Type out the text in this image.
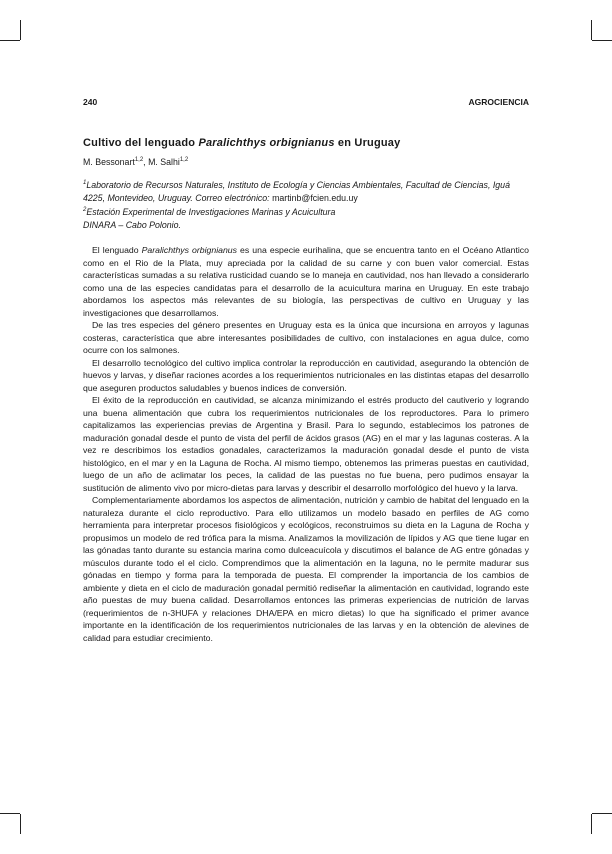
240	AGROCIENCIA
Cultivo del lenguado Paralichthys orbignianus en Uruguay
M. Bessonart$^{1,2}$, M. Salhi$^{1,2}$
$^1$Laboratorio de Recursos Naturales, Instituto de Ecología y Ciencias Ambientales, Facultad de Ciencias, Iguá 4225, Montevideo, Uruguay. Correo electrónico: martinb@fcien.edu.uy
$^2$Estación Experimental de Investigaciones Marinas y Acuicultura
DINARA – Cabo Polonio.

El lenguado Paralichthys orbignianus es una especie eurihalina, que se encuentra tanto en el Océano Atlantico como en el Rio de la Plata, muy apreciada por la calidad de su carne y con buen valor comercial. Estas características sumadas a su relativa rusticidad cuando se lo maneja en cautividad, nos han llevado a considerarlo como una de las especies candidatas para el desarrollo de la acuicultura marina en Uruguay. En este trabajo abordamos los aspectos más relevantes de su biología, las perspectivas de cultivo en Uruguay y las investigaciones que desarrollamos.

De las tres especies del género presentes en Uruguay esta es la única que incursiona en arroyos y lagunas costeras, característica que abre interesantes posibilidades de cultivo, con instalaciones en agua dulce, como ocurre con los salmones.

El desarrollo tecnológico del cultivo implica controlar la reproducción en cautividad, asegurando la obtención de huevos y larvas, y diseñar raciones acordes a los requerimientos nutricionales en las distintas etapas del desarrollo que aseguren productos saludables y buenos indices de conversión.

El éxito de la reproducción en cautividad, se alcanza minimizando el estrés producto del cautiverio y logrando una buena alimentación que cubra los requerimientos nutricionales de los reproductores. Para lo primero capitalizamos las experiencias previas de Argentina y Brasil. Para lo segundo, establecimos los patrones de maduración gonadal desde el punto de vista del perfil de ácidos grasos (AG) en el mar y las lagunas costeras. A la vez re describimos los estadios gonadales, caracterizamos la maduración gonadal desde el punto de vista histológico, en el mar y en la Laguna de Rocha. Al mismo tiempo, obtenemos las primeras puestas en cautividad, luego de un año de aclimatar los peces, la calidad de las puestas no fue buena, pero pudimos ensayar la sustitución de alimento vivo por micro-dietas para larvas y describir el desarrollo morfológico del huevo y la larva.

Complementariamente abordamos los aspectos de alimentación, nutrición y cambio de habitat del lenguado en la naturaleza durante el ciclo reproductivo. Para ello utilizamos un modelo basado en perfiles de AG como herramienta para interpretar procesos fisiológicos y ecológicos, reconstruimos su dieta en la Laguna de Rocha y propusimos un modelo de red trófica para la misma. Analizamos la movilización de lípidos y AG que tiene lugar en las gónadas tanto durante su estancia marina como dulceacuícola y discutimos el balance de AG entre gónadas y músculos durante todo el el ciclo. Comprendimos que la alimentación en la laguna, no le permite madurar sus gónadas en tiempo y forma para la temporada de puesta. El comprender la importancia de los cambios de ambiente y dieta en el ciclo de maduración gonadal permitió rediseñar la alimentación en cautividad, logrando este año puestas de muy buena calidad. Desarrollamos entonces las primeras experiencias de nutrición de larvas (requerimientos de n-3HUFA y relaciones DHA/EPA en micro dietas) lo que ha significado el primer avance importante en la identificación de los requerimientos nutricionales de las larvas y en la obtención de alevines de calidad para estudiar crecimiento.
